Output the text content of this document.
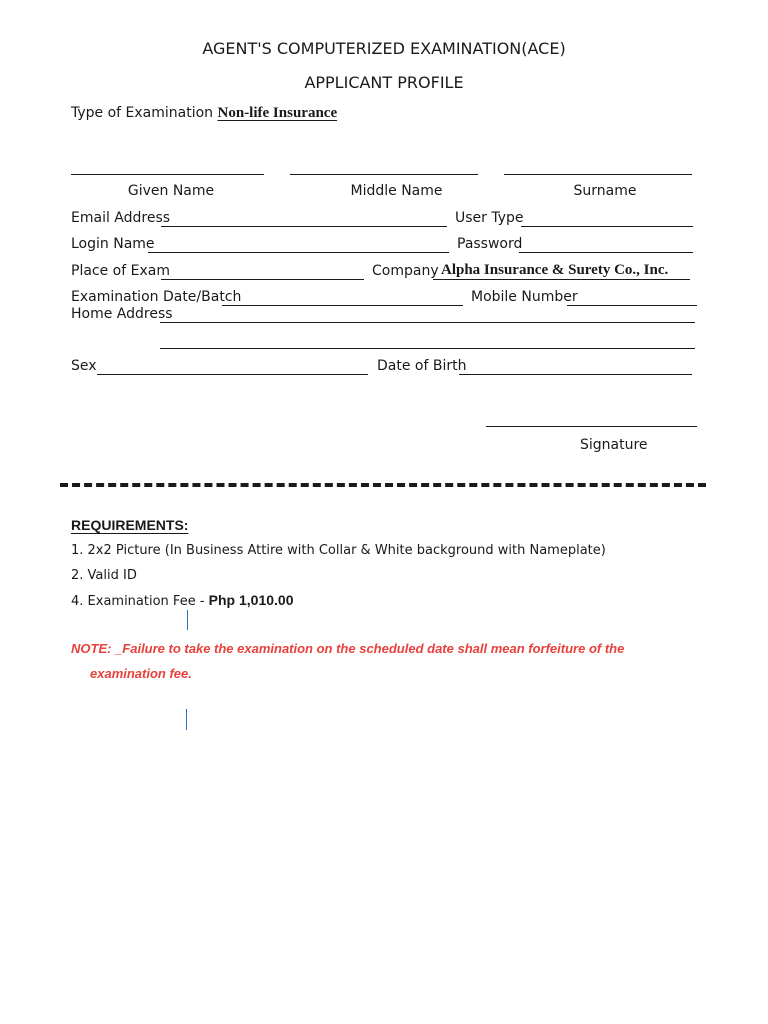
AGENT'S COMPUTERIZED EXAMINATION(ACE)
APPLICANT PROFILE
Type of Examination Non-life Insurance
Given Name	Middle Name	Surname
Email Address	User Type
Login Name	Password
Place of Exam	Company Alpha Insurance & Surety Co., Inc.
Examination Date/Batch	Mobile Number
Home Address
Sex	Date of Birth
Signature
REQUIREMENTS:
1. 2x2 Picture (In Business Attire with Collar & White background with Nameplate)
2. Valid ID
4. Examination Fee - Php 1,010.00
NOTE: _Failure to take the examination on the scheduled date shall mean forfeiture of the
examination fee.
